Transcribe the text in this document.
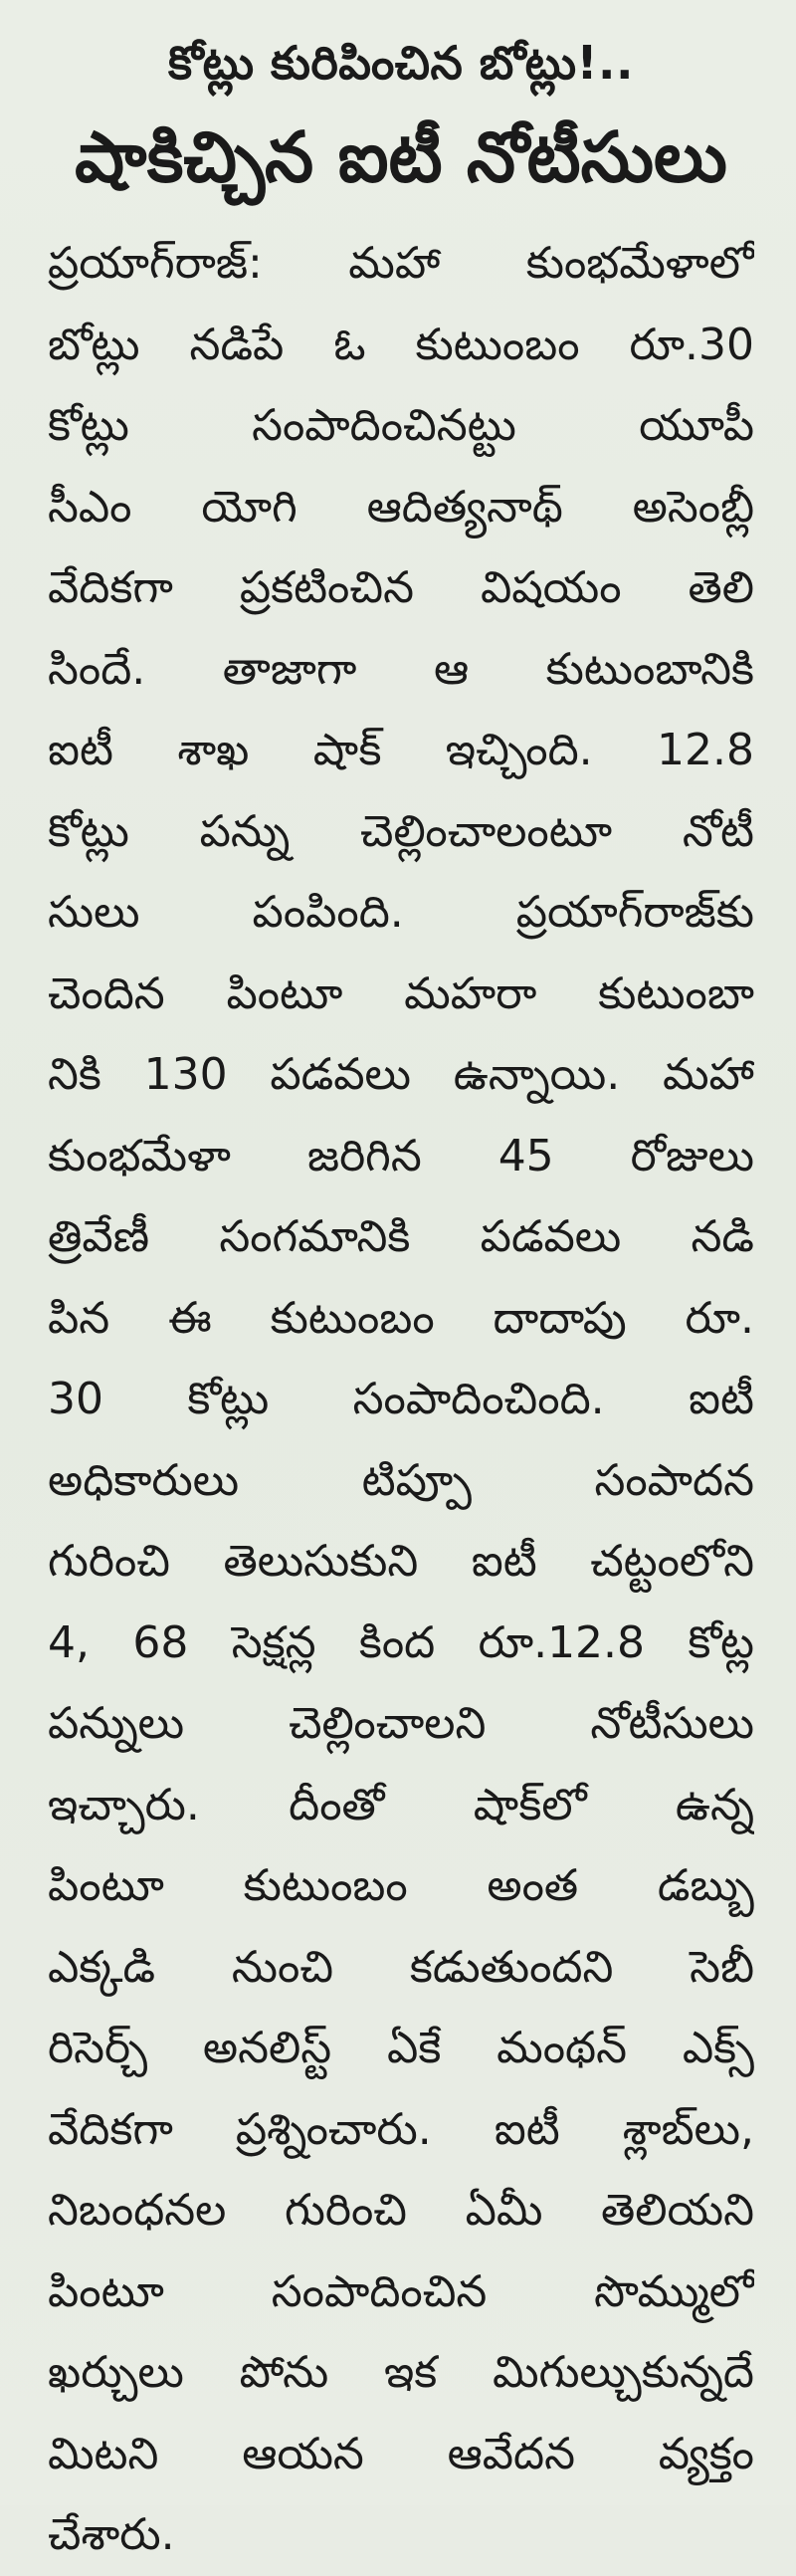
కోట్లు కురిపించిన బోట్లు!..
షాకిచ్చిన ఐటీ నోటీసులు
ప్రయాగ్‌రాజ్: మహా కుంభమేళాలో
బోట్లు నడిపే ఓ కుటుంబం రూ.30
కోట్లు సంపాదించినట్టు యూపీ
సీఎం యోగి ఆదిత్యనాథ్ అసెంబ్లీ
వేదికగా ప్రకటించిన విషయం తెలి
సిందే. తాజాగా ఆ కుటుంబానికి
ఐటీ శాఖ షాక్ ఇచ్చింది. 12.8
కోట్లు పన్ను చెల్లించాలంటూ నోటీ
సులు పంపింది. ప్రయాగ్‌రాజ్‌కు
చెందిన పింటూ మహరా కుటుంబా
నికి 130 పడవలు ఉన్నాయి. మహా
కుంభమేళా జరిగిన 45 రోజులు
త్రివేణీ సంగమానికి పడవలు నడి
పిన ఈ కుటుంబం దాదాపు రూ.
30 కోట్లు సంపాదించింది. ఐటీ
అధికారులు టిప్పూ సంపాదన
గురించి తెలుసుకుని ఐటీ చట్టంలోని
4, 68 సెక్షన్ల కింద రూ.12.8 కోట్ల
పన్నులు చెల్లించాలని నోటీసులు
ఇచ్చారు. దీంతో షాక్‌లో ఉన్న
పింటూ కుటుంబం అంత డబ్బు
ఎక్కడి నుంచి కడుతుందని సెబీ
రిసెర్చ్ అనలిస్ట్ ఏకే మంథన్ ఎక్స్
వేదికగా ప్రశ్నించారు. ఐటీ శ్లాబ్‌లు,
నిబంధనల గురించి ఏమీ తెలియని
పింటూ సంపాదించిన సొమ్ములో
ఖర్చులు పోను ఇక మిగుల్చుకున్నదే
మిటని ఆయన ఆవేదన వ్యక్తం
చేశారు.
